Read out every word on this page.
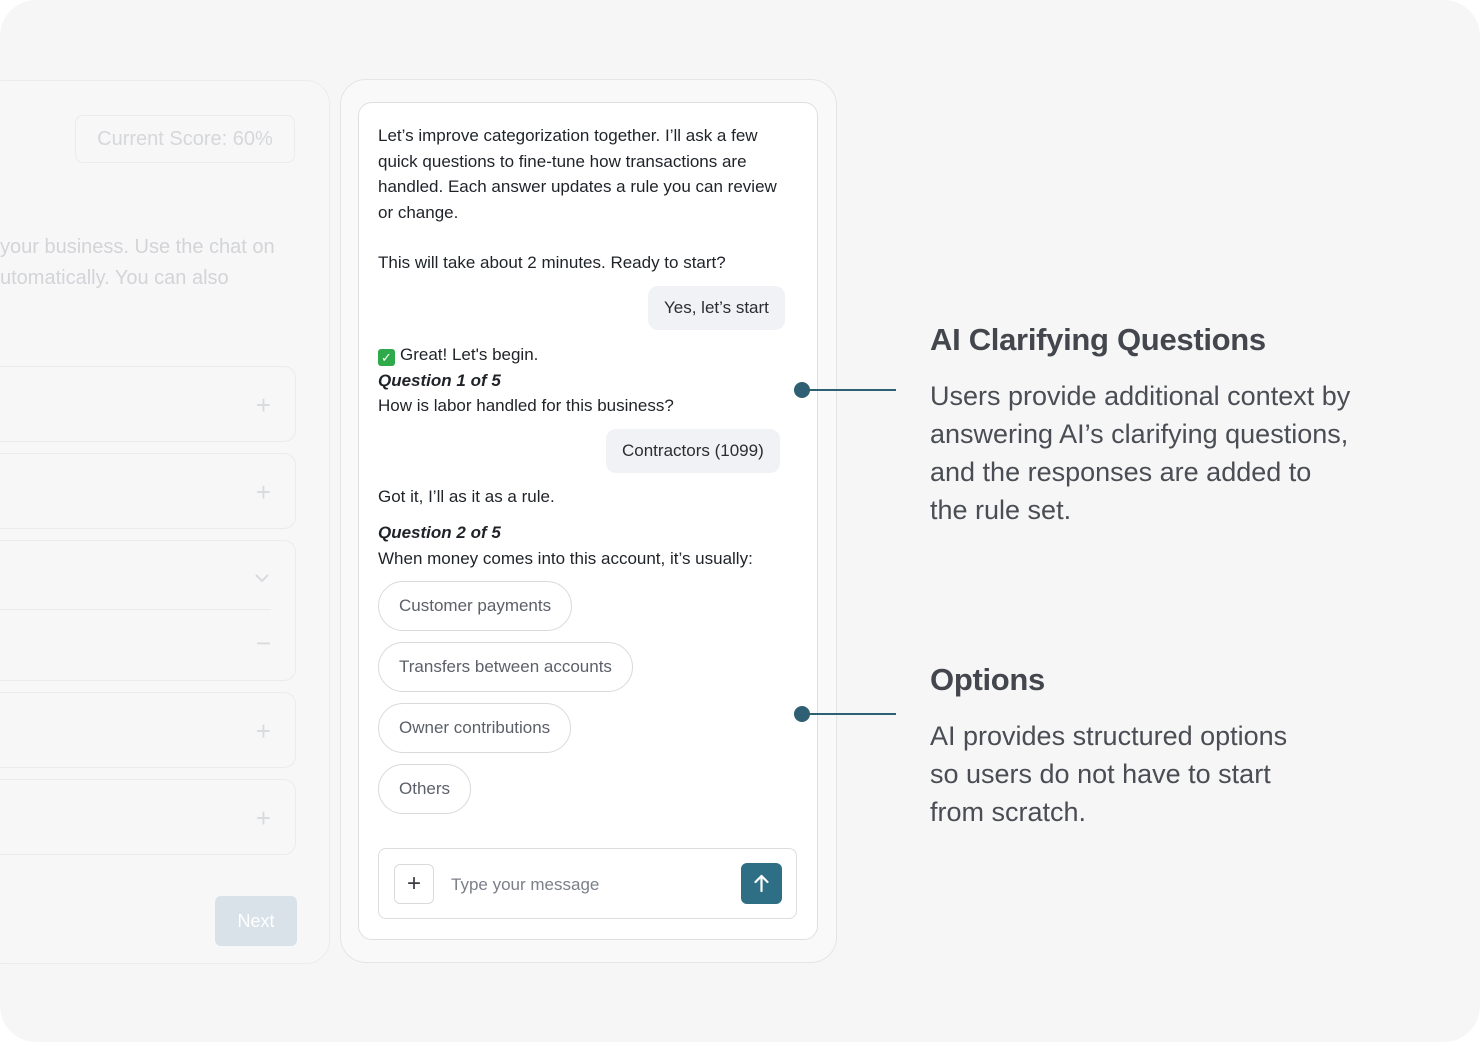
Current Score: 60%
your business. Use the chat on
utomatically. You can also
+
+
−
+
+
Next
Let’s improve categorization together. I’ll ask a few quick questions to fine-tune how transactions are handled. Each answer updates a rule you can review or change.
This will take about 2 minutes. Ready to start?
Yes, let’s start
✓ Great! Let's begin.
Question 1 of 5
How is labor handled for this business?
Contractors (1099)
Got it, I’ll as it as a rule.
Question 2 of 5
When money comes into this account, it’s usually:
Customer payments
Transfers between accounts
Owner contributions
Others
+
Type your message
AI Clarifying Questions
Users provide additional context by
answering AI’s clarifying questions,
and the responses are added to
the rule set.
Options
AI provides structured options
so users do not have to start
from scratch.
